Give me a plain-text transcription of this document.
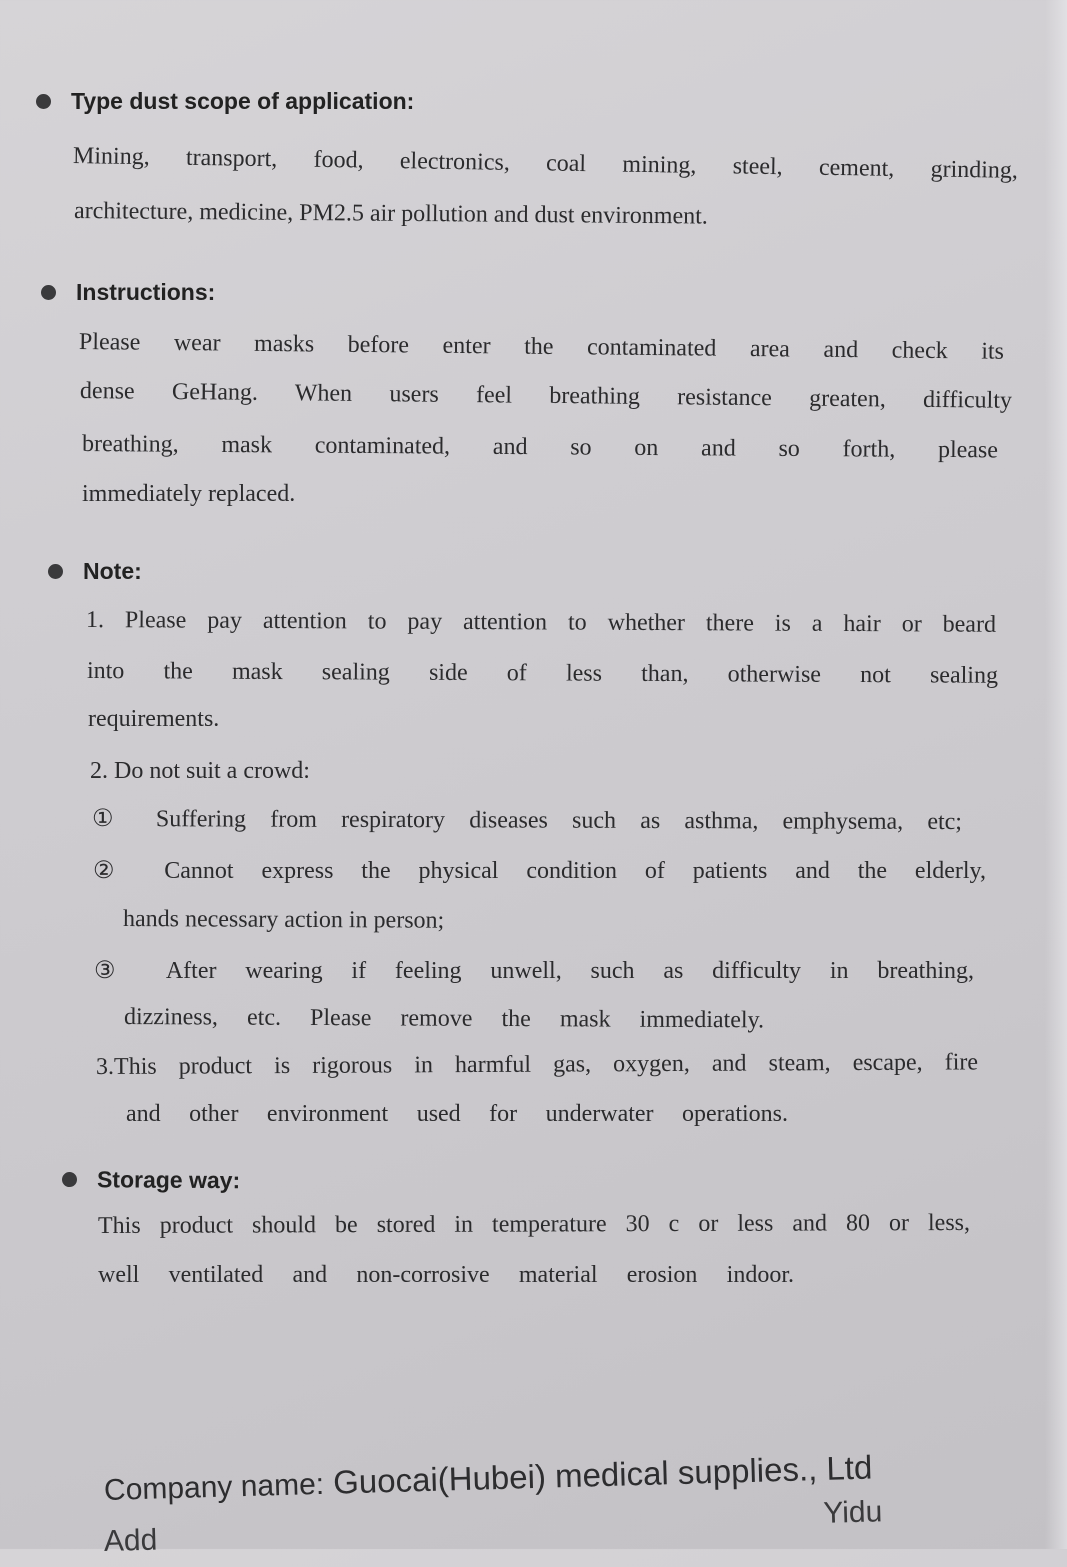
Type dust scope of application:
Mining, transport, food, electronics, coal mining, steel, cement, grinding,
architecture, medicine, PM2.5 air pollution and dust environment.
Instructions:
Please wear masks before enter the contaminated area and check its
dense GeHang. When users feel breathing resistance greaten, difficulty
breathing, mask contaminated, and so on and so forth, please
immediately replaced.
Note:
1. Please pay attention to pay attention to whether there is a hair or beard
into the mask sealing side of less than, otherwise not sealing
requirements.
2. Do not suit a crowd:
① Suffering from respiratory diseases such as asthma, emphysema, etc;
② Cannot express the physical condition of patients and the elderly,
hands necessary action in person;
③ After wearing if feeling unwell, such as difficulty in breathing,
dizziness, etc. Please remove the mask immediately.
3.This product is rigorous in harmful gas, oxygen, and steam, escape, fire
and other environment used for underwater operations.
Storage way:
This product should be stored in temperature 30 c or less and 80 or less,
well ventilated and non-corrosive material erosion indoor.
Company name: Guocai(Hubei) medical supplies., Ltd
Add
Yidu
